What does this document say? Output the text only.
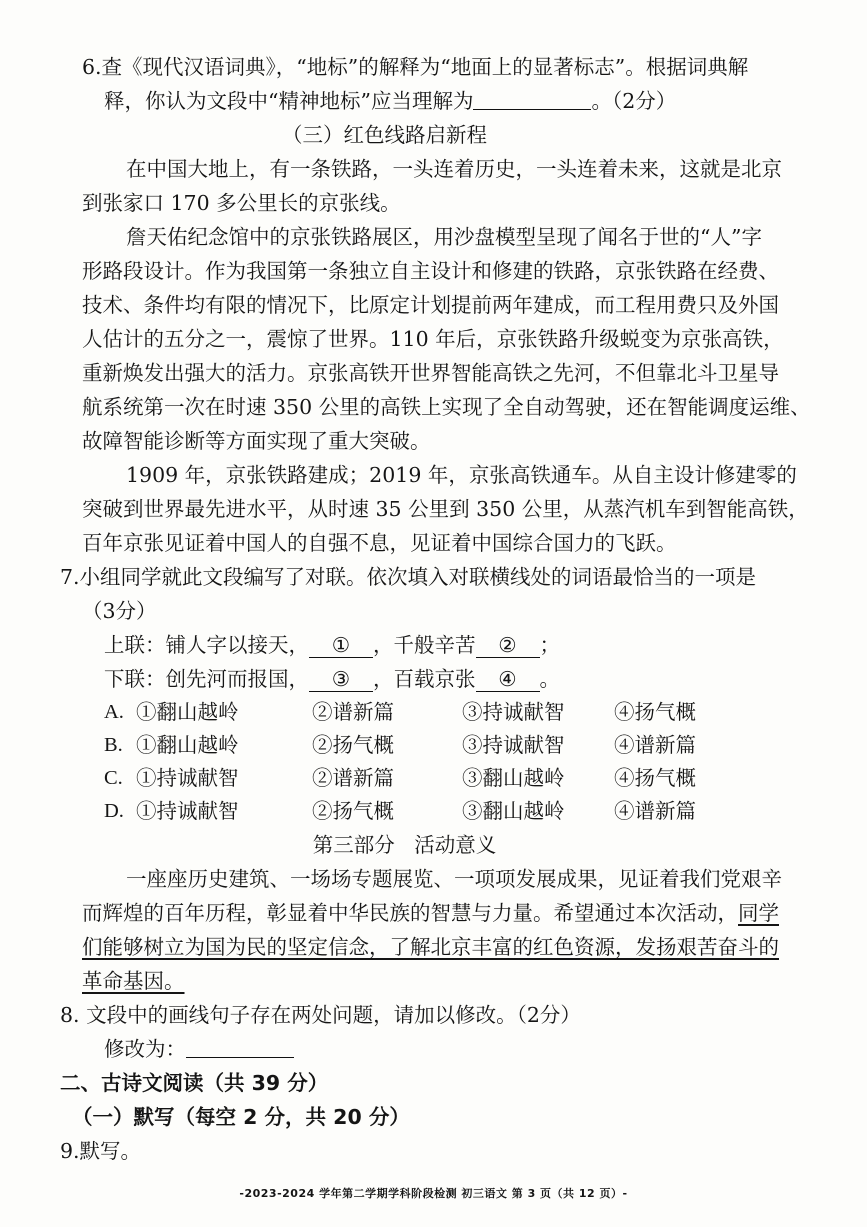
6.查《现代汉语词典》，“地标”的解释为“地面上的显著标志”。根据词典解

释，你认为文段中“精神地标”应当理解为	。（2分）

（三）红色线路启新程

在中国大地上，有一条铁路，一头连着历史，一头连着未来，这就是北京

到张家口 170 多公里长的京张线。

詹天佑纪念馆中的京张铁路展区，用沙盘模型呈现了闻名于世的“人”字

形路段设计。作为我国第一条独立自主设计和修建的铁路，京张铁路在经费、

技术、条件均有限的情况下，比原定计划提前两年建成，而工程用费只及外国

人估计的五分之一，震惊了世界。110 年后，京张铁路升级蜕变为京张高铁，

重新焕发出强大的活力。京张高铁开世界智能高铁之先河，不但靠北斗卫星导

航系统第一次在时速 350 公里的高铁上实现了全自动驾驶，还在智能调度运维、

故障智能诊断等方面实现了重大突破。

1909 年，京张铁路建成；2019 年，京张高铁通车。从自主设计修建零的

突破到世界最先进水平，从时速 35 公里到 350 公里，从蒸汽机车到智能高铁，

百年京张见证着中国人的自强不息，见证着中国综合国力的飞跃。

7.小组同学就此文段编写了对联。依次填入对联横线处的词语最恰当的一项是

（3分）

上联：铺人字以接天， ① ，千般辛苦 ② ；

下联：创先河而报国， ③ ，百载京张 ④ 。

A. ①翻山越岭	②谱新篇	③持诚献智	④扬气概
B. ①翻山越岭	②扬气概	③持诚献智	④谱新篇
C. ①持诚献智	②谱新篇	③翻山越岭	④扬气概
D. ①持诚献智	②扬气概	③翻山越岭	④谱新篇

第三部分   活动意义

一座座历史建筑、一场场专题展览、一项项发展成果，见证着我们党艰辛

而辉煌的百年历程，彰显着中华民族的智慧与力量。希望通过本次活动，同学

们能够树立为国为民的坚定信念，了解北京丰富的红色资源，发扬艰苦奋斗的

革命基因。

8. 文段中的画线句子存在两处问题，请加以修改。（2分）

修改为：

二、古诗文阅读（共 39 分）

（一）默写（每空 2 分，共 20 分）

9.默写。

-2023-2024 学年第二学期学科阶段检测 初三语文 第 3 页（共 12 页）-
